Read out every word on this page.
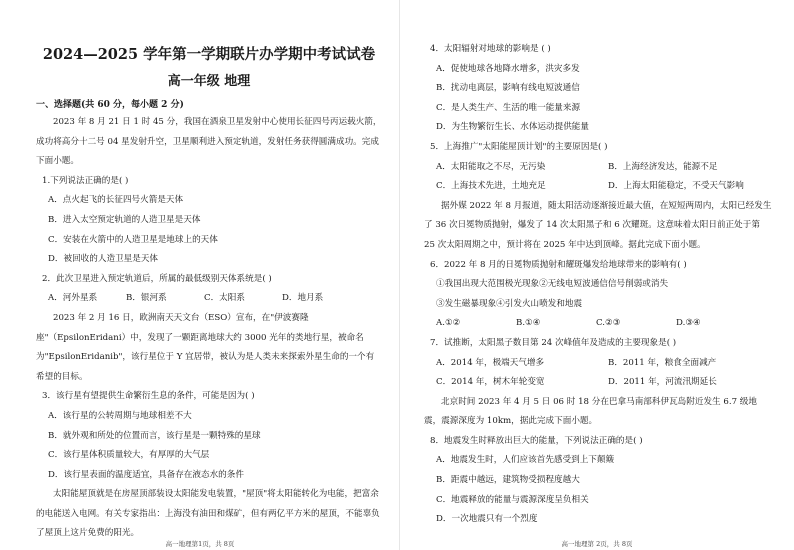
2024—2025 学年第一学期联片办学期中考试试卷
高一年级 地理
一、选择题(共 60 分，每小题 2 分)

2023 年 8 月 21 日 1 时 45 分，我国在酒泉卫星发射中心使用长征四号丙运载火箭，成功将高分十二号 04 星发射升空，卫星顺利进入预定轨道，发射任务获得圆满成功。完成下面小题。

1.下列说法正确的是( )

A．点火起飞的长征四号火箭是天体

B．进入太空预定轨道的人造卫星是天体

C．安装在火箭中的人造卫星是地球上的天体

D．被回收的人造卫星是天体

2．此次卫星进入预定轨道后，所属的最低级别天体系统是( )

A．河外星系	B．银河系	C．太阳系	D．地月系

2023 年 2 月 16 日，欧洲南天天文台（ESO）宣布，在"伊波赛隆座"（EpsilonEridani）中，发现了一颗距离地球大约 3000 光年的类地行星，被命名为"EpsilonEridanib"，该行星位于 Y 宜居带，被认为是人类未来探索外星生命的一个有希望的目标。

3．该行星有望提供生命繁衍生息的条件，可能是因为( )

A．该行星的公转周期与地球相差不大

B．就外观和所处的位置而言，该行星是一颗特殊的星球

C．该行星体积质量较大，有厚厚的大气层

D．该行星表面的温度适宜，具备存在液态水的条件

太阳能屋顶就是在房屋顶部装设太阳能发电装置，"屋顶"将太阳能转化为电能，把富余的电能送入电网。有关专家指出：上海没有油田和煤矿，但有两亿平方米的屋顶，不能辜负了屋顶上这片免费的阳光。

4．太阳辐射对地球的影响是 ( )

A．促使地球各地降水增多，洪灾多发

B．扰动电离层，影响有线电短波通信

C．是人类生产、生活的唯一能量来源

D．为生物繁衍生长、水体运动提供能量

5．上海推广"太阳能屋顶计划"的主要原因是( )

A．太阳能取之不尽，无污染	B．上海经济发达，能源不足
C．上海技术先进，土地充足	D．上海太阳能稳定，不受天气影响

据外媒 2022 年 8 月报道，随太阳活动逐渐接近最大值，在短短两周内，太阳已经发生了 36 次日冕物质抛射，爆发了 14 次太阳黑子和 6 次耀斑。这意味着太阳日前正处于第 25 次太阳周期之中，预计将在 2025 年中达到顶峰。据此完成下面小题。

6．2022 年 8 月的日冕物质抛射和耀斑爆发给地球带来的影响有( )

①我国出现大范围极光现象②无线电短波通信信号削弱或消失

③发生磁暴现象④引发火山喷发和地震

A.①②	B.①④	C.②③	D.③④

7．试推断，太阳黑子数目第 24 次峰值年及造成的主要现象是( )

A．2014 年，极端天气增多	B．2011 年，粮食全面减产
C．2014 年，树木年轮变宽	D．2011 年，河流汛期延长

北京时间 2023 年 4 月 5 日 06 时 18 分在巴拿马南部科伊瓦岛附近发生 6.7 级地震，震源深度为 10km，据此完成下面小题。

8．地震发生时释放出巨大的能量，下列说法正确的是( )

A．地震发生时，人们应该首先感受到上下颠簸

B．距震中越远，建筑物受损程度越大

C．地震释放的能量与震源深度呈负相关

D．一次地震只有一个烈度

高一地理第1页，共 8页	高一地理第 2页，共 8页
